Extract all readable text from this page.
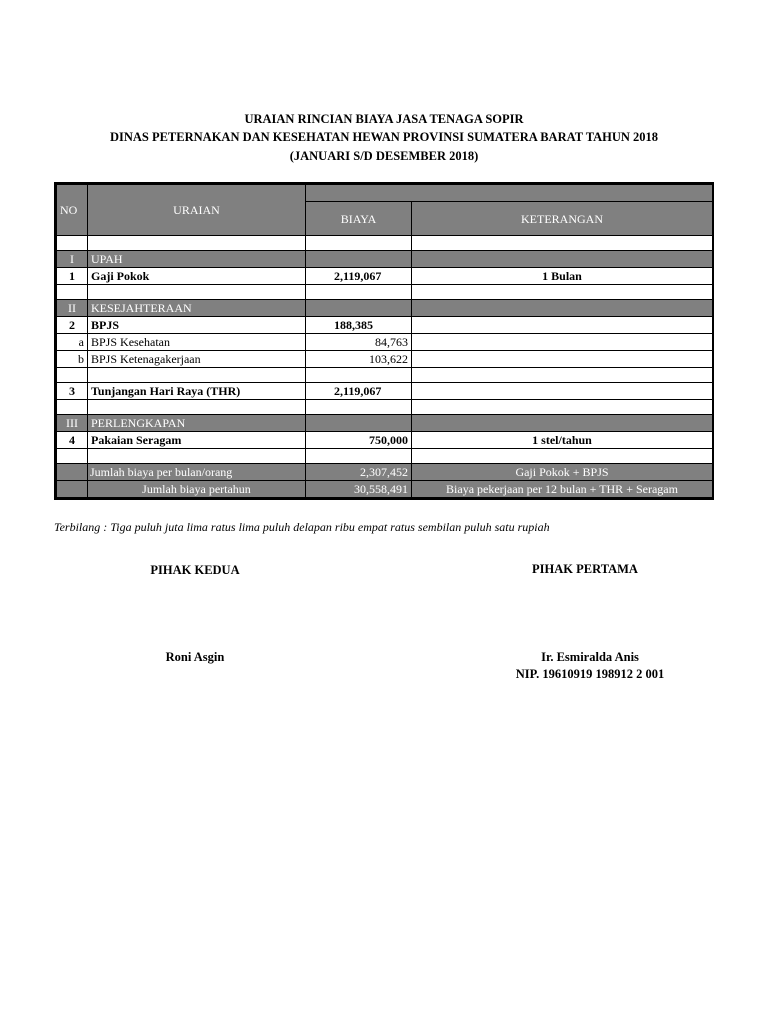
URAIAN RINCIAN BIAYA JASA TENAGA SOPIR
DINAS PETERNAKAN DAN KESEHATAN HEWAN PROVINSI SUMATERA BARAT TAHUN 2018
(JANUARI S/D DESEMBER 2018)
NO	URAIAN		
		BIAYA	KETERANGAN

I	UPAH		
1	Gaji Pokok	2,119,067	1 Bulan

II	KESEJAHTERAAN		
2	BPJS	188,385	
a	BPJS Kesehatan	84,763	
b	BPJS Ketenagakerjaan	103,622	

3	Tunjangan Hari Raya (THR)	2,119,067	

III	PERLENGKAPAN		
4	Pakaian Seragam	750,000	1 stel/tahun

	Jumlah biaya per bulan/orang	2,307,452	Gaji Pokok + BPJS
	Jumlah biaya pertahun	30,558,491	Biaya pekerjaan per 12 bulan + THR + Seragam
Terbilang : Tiga puluh juta lima ratus lima puluh delapan ribu empat ratus sembilan puluh satu rupiah
PIHAK KEDUA	PIHAK PERTAMA
Roni Asgin	Ir. Esmiralda Anis
NIP. 19610919 198912 2 001
